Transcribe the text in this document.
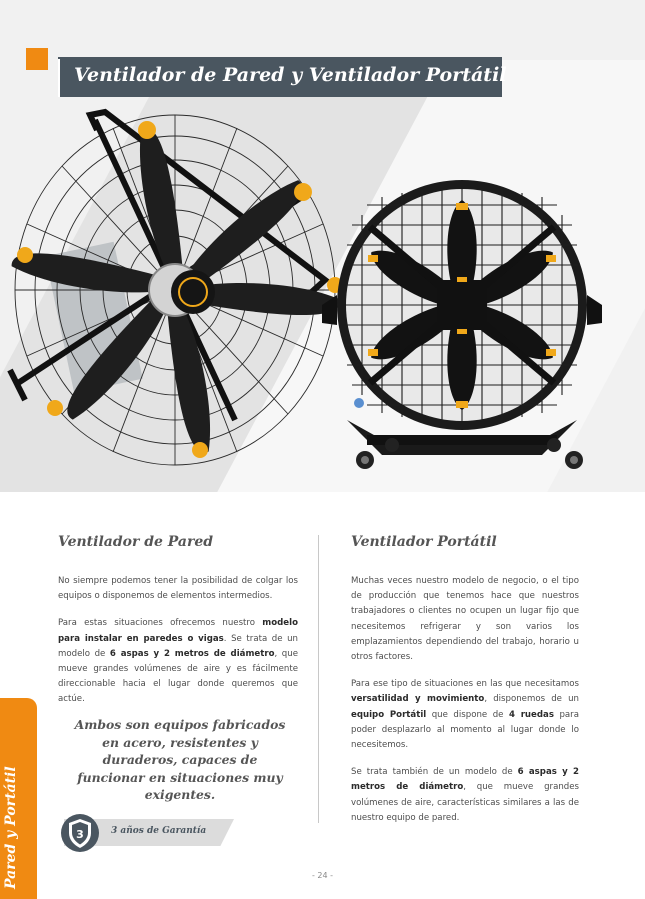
Ventilador de Pared y Ventilador Portátil
Ventilador de Pared

No siempre podemos tener la posibilidad de colgar los equipos o disponemos de elementos intermedios.

Para estas situaciones ofrecemos nuestro modelo para instalar en paredes o vigas. Se trata de un modelo de 6 aspas y 2 metros de diámetro, que mueve grandes volúmenes de aire y es fácilmente direccionable hacia el lugar donde queremos que actúe.

Ambos son equipos fabricados en acero, resistentes y duraderos, capaces de funcionar en situaciones muy exigentes.
Ventilador Portátil

Muchas veces nuestro modelo de negocio, o el tipo de producción que tenemos hace que nuestros trabajadores o clientes no ocupen un lugar fijo que necesitemos refrigerar y son varios los emplazamientos dependiendo del trabajo, horario u otros factores.

Para ese tipo de situaciones en las que necesitamos versatilidad y movimiento, disponemos de un equipo Portátil que dispone de 4 ruedas para poder desplazarlo al momento al lugar donde lo necesitemos.

Se trata también de un modelo de 6 aspas y 2 metros de diámetro, que mueve grandes volúmenes de aire, características similares a las de nuestro equipo de pared.

Pared y Portátil	3	3 años de Garantía
- 24 -
